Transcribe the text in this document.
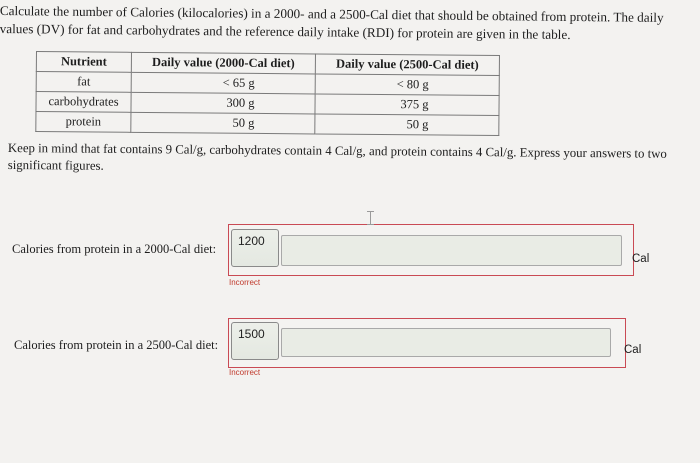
Calculate the number of Calories (kilocalories) in a 2000- and a 2500-Cal diet that should be obtained from protein. The daily values (DV) for fat and carbohydrates and the reference daily intake (RDI) for protein are given in the table.

Nutrient	Daily value (2000-Cal diet)	Daily value (2500-Cal diet)
fat	< 65 g	< 80 g
carbohydrates	300 g	375 g
protein	50 g	50 g

Keep in mind that fat contains 9 Cal/g, carbohydrates contain 4 Cal/g, and protein contains 4 Cal/g. Express your answers to two significant figures.

Calories from protein in a 2000-Cal diet:
1200
Cal
Incorrect
Calories from protein in a 2500-Cal diet:
1500
Cal
Incorrect
